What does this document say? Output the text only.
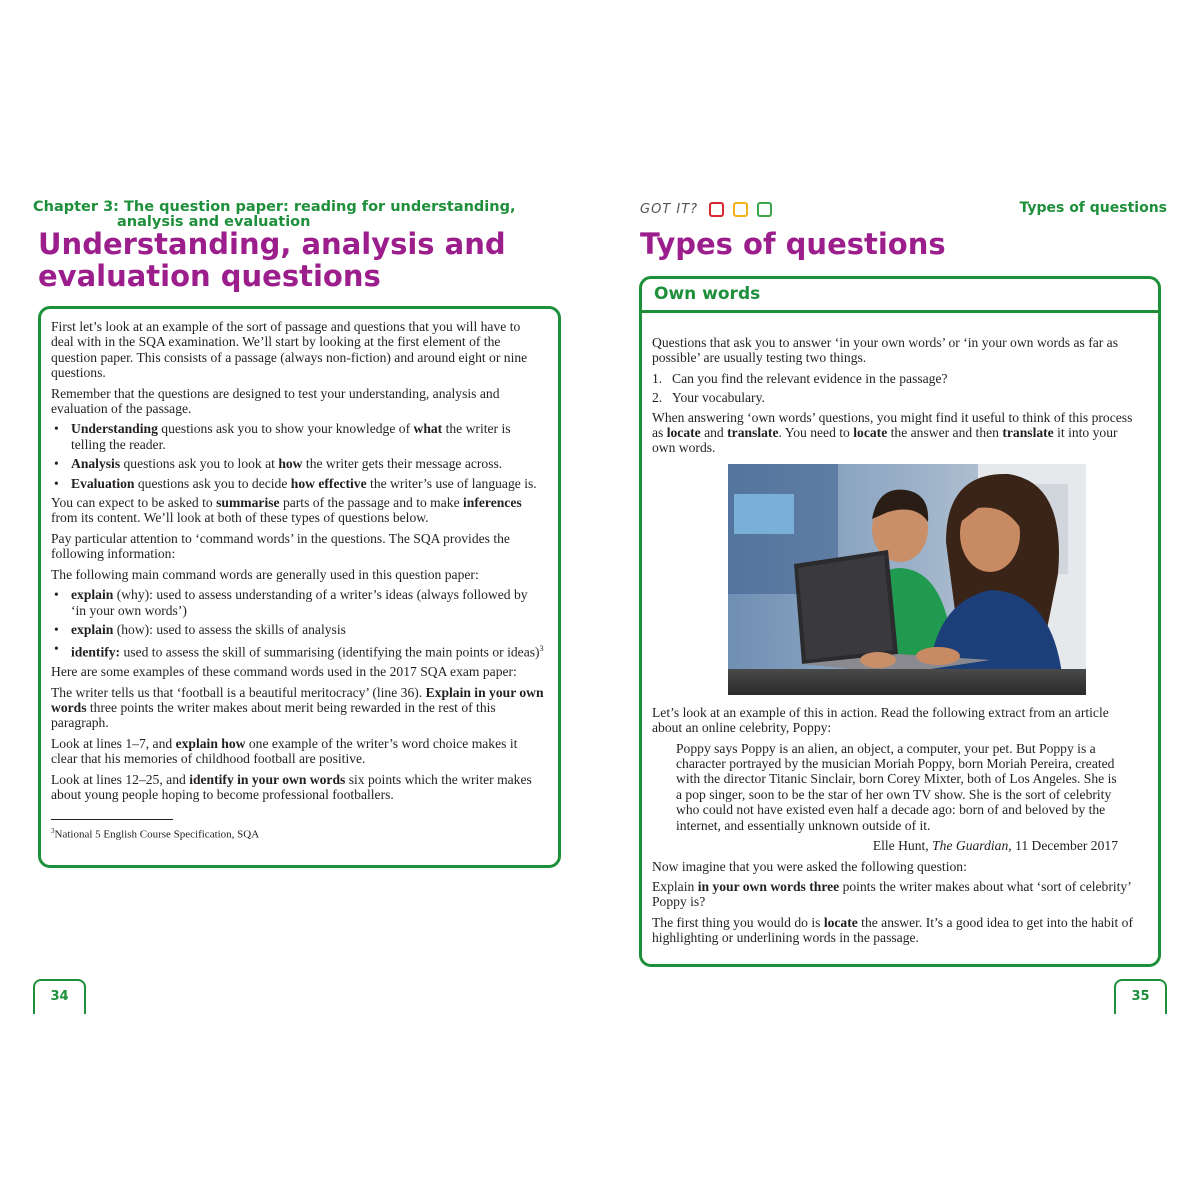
Chapter 3: The question paper: reading for understanding,
analysis and evaluation
Understanding, analysis and
evaluation questions

First let’s look at an example of the sort of passage and questions that you will have to deal with in the SQA examination. We’ll start by looking at the first element of the question paper. This consists of a passage (always non-fiction) and around eight or nine questions.

Remember that the questions are designed to test your understanding, analysis and evaluation of the passage.

• Understanding questions ask you to show your knowledge of what the writer is telling the reader.
• Analysis questions ask you to look at how the writer gets their message across.
• Evaluation questions ask you to decide how effective the writer’s use of language is.

You can expect to be asked to summarise parts of the passage and to make inferences from its content. We’ll look at both of these types of questions below.

Pay particular attention to ‘command words’ in the questions. The SQA provides the following information:

The following main command words are generally used in this question paper:

• explain (why): used to assess understanding of a writer’s ideas (always followed by ‘in your own words’)
• explain (how): used to assess the skills of analysis
• identify: used to assess the skill of summarising (identifying the main points or ideas)$^3$

Here are some examples of these command words used in the 2017 SQA exam paper:

The writer tells us that ‘football is a beautiful meritocracy’ (line 36). Explain in your own words three points the writer makes about merit being rewarded in the rest of this paragraph.

Look at lines 1–7, and explain how one example of the writer’s word choice makes it clear that his memories of childhood football are positive.

Look at lines 12–25, and identify in your own words six points which the writer makes about young people hoping to become professional footballers.

$^3$National 5 English Course Specification, SQA
34
GOT IT?	Types of questions
Types of questions
Own words

Questions that ask you to answer ‘in your own words’ or ‘in your own words as far as possible’ are usually testing two things.

1. Can you find the relevant evidence in the passage?
2. Your vocabulary.

When answering ‘own words’ questions, you might find it useful to think of this process as locate and translate. You need to locate the answer and then translate it into your own words.

Let’s look at an example of this in action. Read the following extract from an article about an online celebrity, Poppy:

Poppy says Poppy is an alien, an object, a computer, your pet. But Poppy is a character portrayed by the musician Moriah Poppy, born Moriah Pereira, created with the director Titanic Sinclair, born Corey Mixter, both of Los Angeles. She is a pop singer, soon to be the star of her own TV show. She is the sort of celebrity who could not have existed even half a decade ago: born of and beloved by the internet, and essentially unknown outside of it.

Elle Hunt, The Guardian, 11 December 2017

Now imagine that you were asked the following question:

Explain in your own words three points the writer makes about what ‘sort of celebrity’ Poppy is?

The first thing you would do is locate the answer. It’s a good idea to get into the habit of highlighting or underlining words in the passage.

35
